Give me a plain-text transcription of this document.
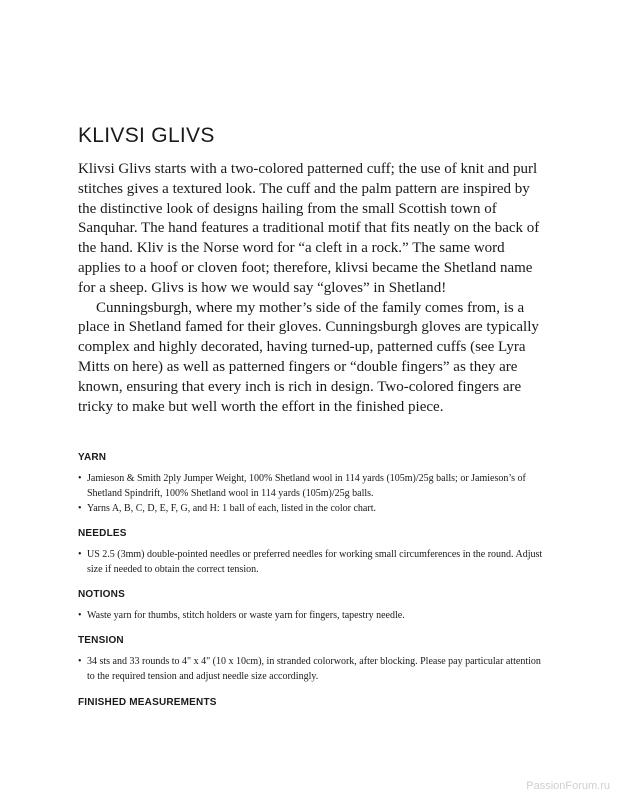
KLIVSI GLIVS

Klivsi Glivs starts with a two-colored patterned cuff; the use of knit and purl stitches gives a textured look. The cuff and the palm pattern are inspired by the distinctive look of designs hailing from the small Scottish town of Sanquhar. The hand features a traditional motif that fits neatly on the back of the hand. Kliv is the Norse word for “a cleft in a rock.” The same word applies to a hoof or cloven foot; therefore, klivsi became the Shetland name for a sheep. Glivs is how we would say “gloves” in Shetland!

Cunningsburgh, where my mother’s side of the family comes from, is a place in Shetland famed for their gloves. Cunningsburgh gloves are typically complex and highly decorated, having turned-up, patterned cuffs (see Lyra Mitts on here) as well as patterned fingers or “double fingers” as they are known, ensuring that every inch is rich in design. Two-colored fingers are tricky to make but well worth the effort in the finished piece.

YARN
• Jamieson & Smith 2ply Jumper Weight, 100% Shetland wool in 114 yards (105m)/25g balls; or Jamieson’s of Shetland Spindrift, 100% Shetland wool in 114 yards (105m)/25g balls.
• Yarns A, B, C, D, E, F, G, and H: 1 ball of each, listed in the color chart.
NEEDLES
• US 2.5 (3mm) double-pointed needles or preferred needles for working small circumferences in the round. Adjust size if needed to obtain the correct tension.
NOTIONS
• Waste yarn for thumbs, stitch holders or waste yarn for fingers, tapestry needle.
TENSION
• 34 sts and 33 rounds to 4" x 4" (10 x 10cm), in stranded colorwork, after blocking. Please pay particular attention to the required tension and adjust needle size accordingly.
FINISHED MEASUREMENTS
PassionForum.ru
